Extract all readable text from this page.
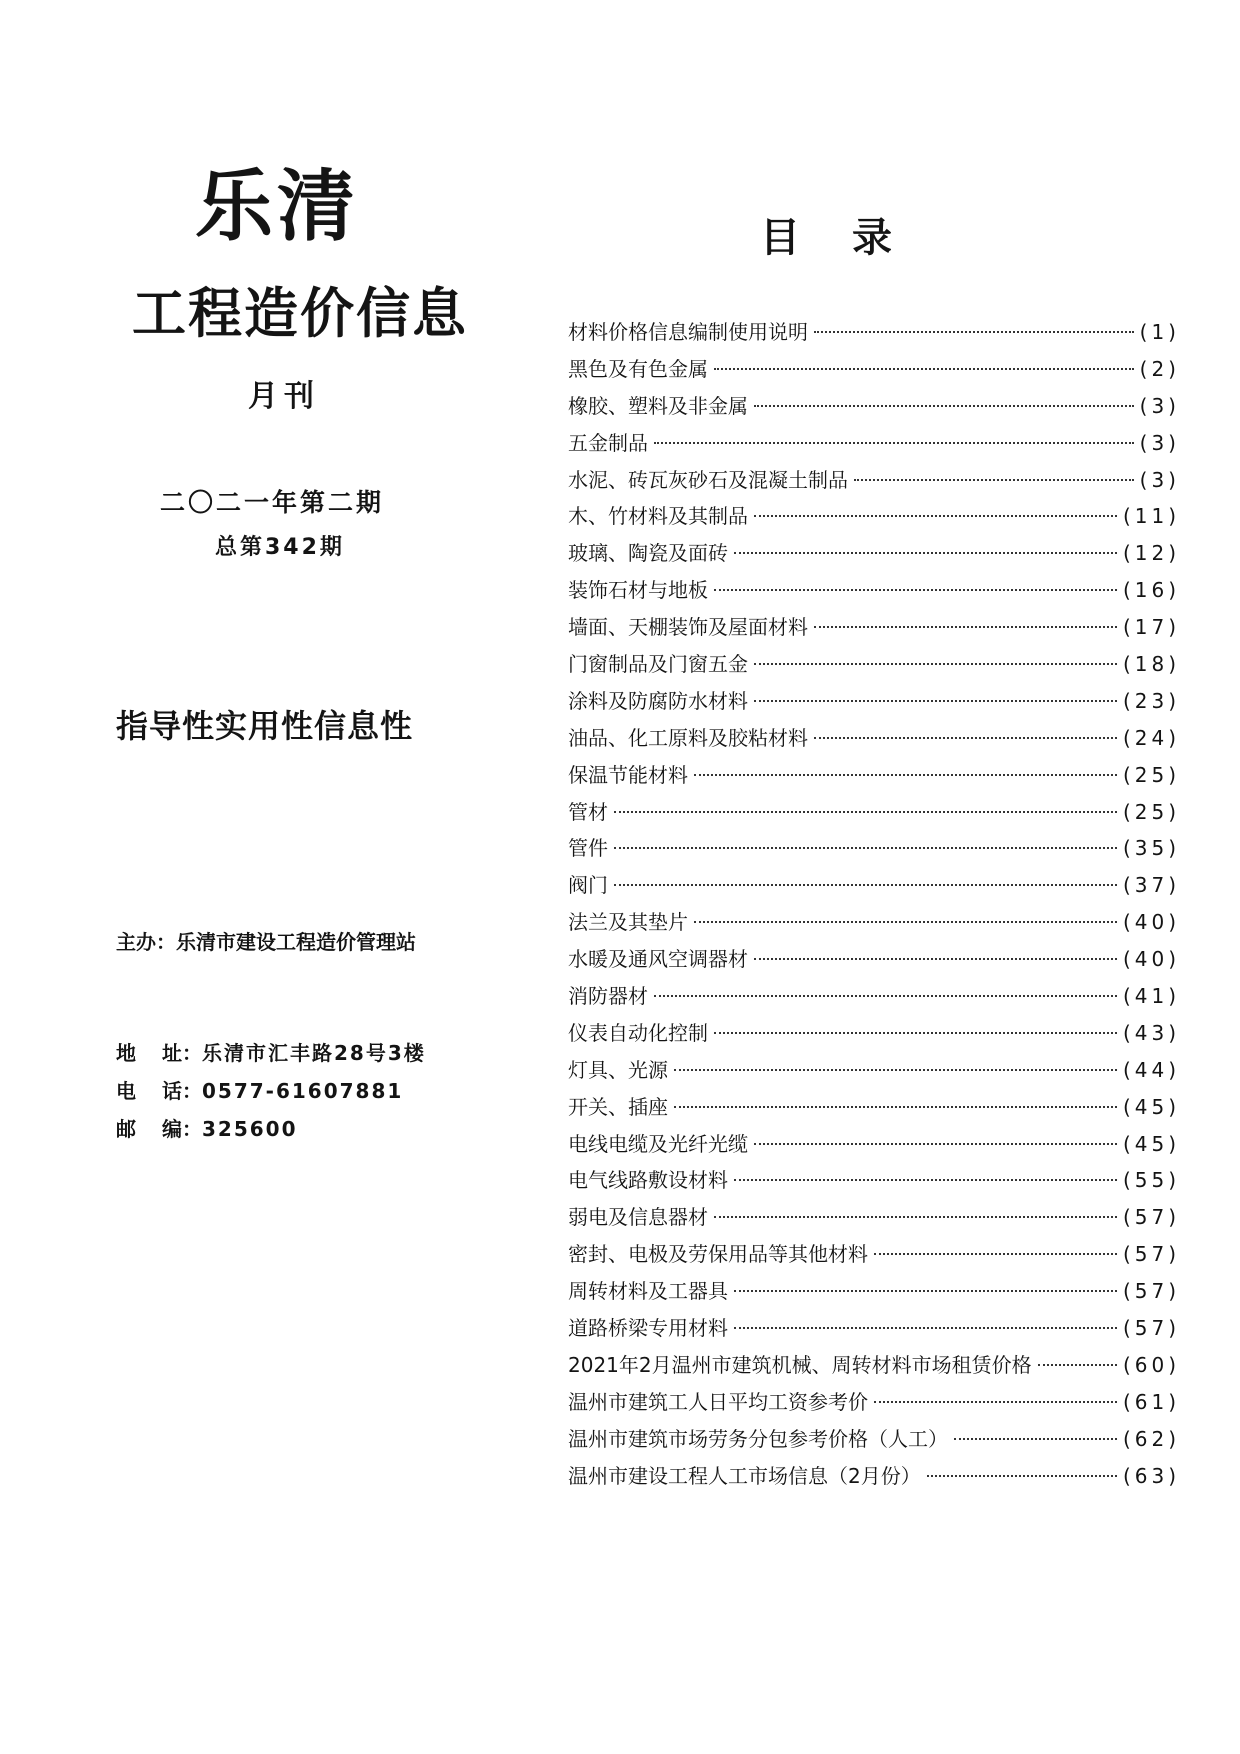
乐清
工程造价信息
月刊
二〇二一年第二期
总第342期
指导性实用性信息性
主办：乐清市建设工程造价管理站
地 址 ： 乐清市汇丰路28号3楼
电 话 ： 0577-61607881
邮 编 ： 325600
目录
材料价格信息编制使用说明	(1)
黑色及有色金属	(2)
橡胶、塑料及非金属	(3)
五金制品	(3)
水泥、砖瓦灰砂石及混凝土制品	(3)
木、竹材料及其制品	(11)
玻璃、陶瓷及面砖	(12)
装饰石材与地板	(16)
墙面、天棚装饰及屋面材料	(17)
门窗制品及门窗五金	(18)
涂料及防腐防水材料	(23)
油品、化工原料及胶粘材料	(24)
保温节能材料	(25)
管材	(25)
管件	(35)
阀门	(37)
法兰及其垫片	(40)
水暖及通风空调器材	(40)
消防器材	(41)
仪表自动化控制	(43)
灯具、光源	(44)
开关、插座	(45)
电线电缆及光纤光缆	(45)
电气线路敷设材料	(55)
弱电及信息器材	(57)
密封、电极及劳保用品等其他材料	(57)
周转材料及工器具	(57)
道路桥梁专用材料	(57)
2021年2月温州市建筑机械、周转材料市场租赁价格	(60)
温州市建筑工人日平均工资参考价	(61)
温州市建筑市场劳务分包参考价格（人工）	(62)
温州市建设工程人工市场信息（2月份）	(63)
